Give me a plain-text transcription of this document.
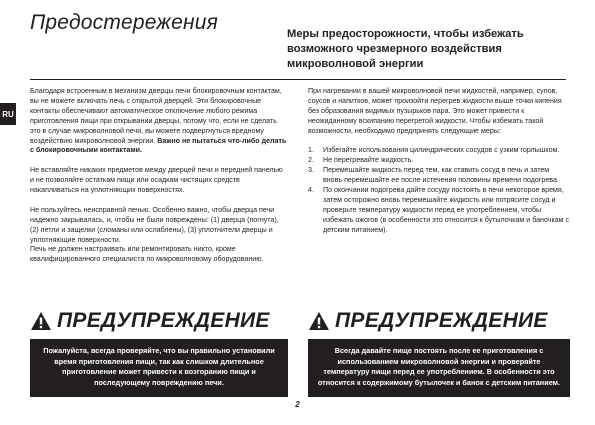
Предостережения	Меры предосторожности, чтобы избежать возможного чрезмерного воздействия микроволновой энергии
RU

Благодаря встроенным в механизм дверцы печи блокировочным контактам, вы не можете включать печь с открытой дверцей. Эти блокировочные контакты обеспечивают автоматическое отключение любого режима приготовления пищи при открывании дверцы, потому что, если не сделать это в случае микроволновой печи, вы можете подвергнуться вредному воздействию микроволновой энергии. Важно не пытаться что-либо делать с блокировочными контактами.

Не вставляйте никаких предметов между дверцей печи и передней панелью и не позволяйте остаткам пищи или осадкам чистящих средств накапливаться на уплотняющих поверхностях.

Не пользуйтесь неисправной печью. Особенно важно, чтобы дверца печи надежно закрывалась, и, чтобы не были повреждены: (1) дверца (погнута), (2) петли и защелки (сломаны или ослаблены), (3) уплотнители дверцы и уплотняющие поверхности.

Печь не должен настраивать или ремонтировать никто, кроме квалифицированного специалиста по микроволновому оборудованию.

При нагревании в вашей микроволновой печи жидкостей, например, супов, соусов и напитков, может произойти перегрев жидкости выше точки кипения без образования видимых пузырьков пара. Это может привести к неожиданному вскипанию перегретой жидкости. Чтобы избежать такой возможности, необходимо предпринять следующие меры:

1. Избегайте использования цилиндрических сосудов с узким горлышком.
2. Не перегревайте жидкость.
3. Перемешайте жидкость перед тем, как ставить сосуд в печь и затем вновь перемешайте ее после истечения половины времени подогрева.
4. По окончании подогрева дайте сосуду постоять в печи некоторое время, затем осторожно вновь перемешайте жидкость или потрясите сосуд и проверьте температуру жидкости перед ее употреблением, чтобы избежать ожогов (в особенности это относится к бутылочкам и баночкам с детским питанием).
ПРЕДУПРЕЖДЕНИЕ
Пожалуйста, всегда проверяйте, что вы правильно установили время приготовления пищи, так как слишком длительное приготовление может привести к возгоранию пищи и последующему повреждению печи.
ПРЕДУПРЕЖДЕНИЕ
Всегда давайте пище постоять после ее приготовления с использованием микроволновой энергии и проверяйте температуру пищи перед ее употреблением. В особенности это относится к содержимому бутылочек и банок с детским питанием.
2
